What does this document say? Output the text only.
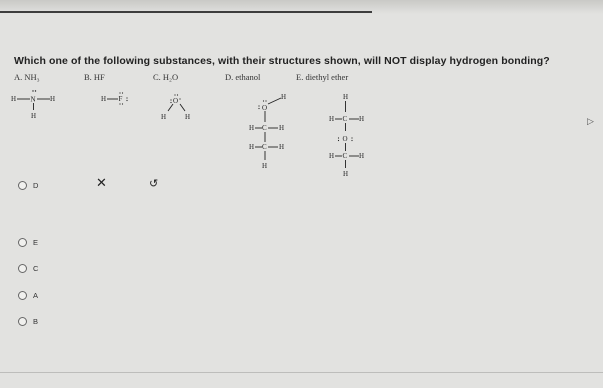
Which one of the following substances, with their structures shown, will NOT display hydrogen bonding?
A. NH₃	B. HF	C. H₂O	D. ethanol	E. diethyl ether
H N H
H
H F	O
H	H
O
H
H C H
H C H
H
H
H C H
O
H C H
H
▷
D	✕	↺
E
C
A
B
